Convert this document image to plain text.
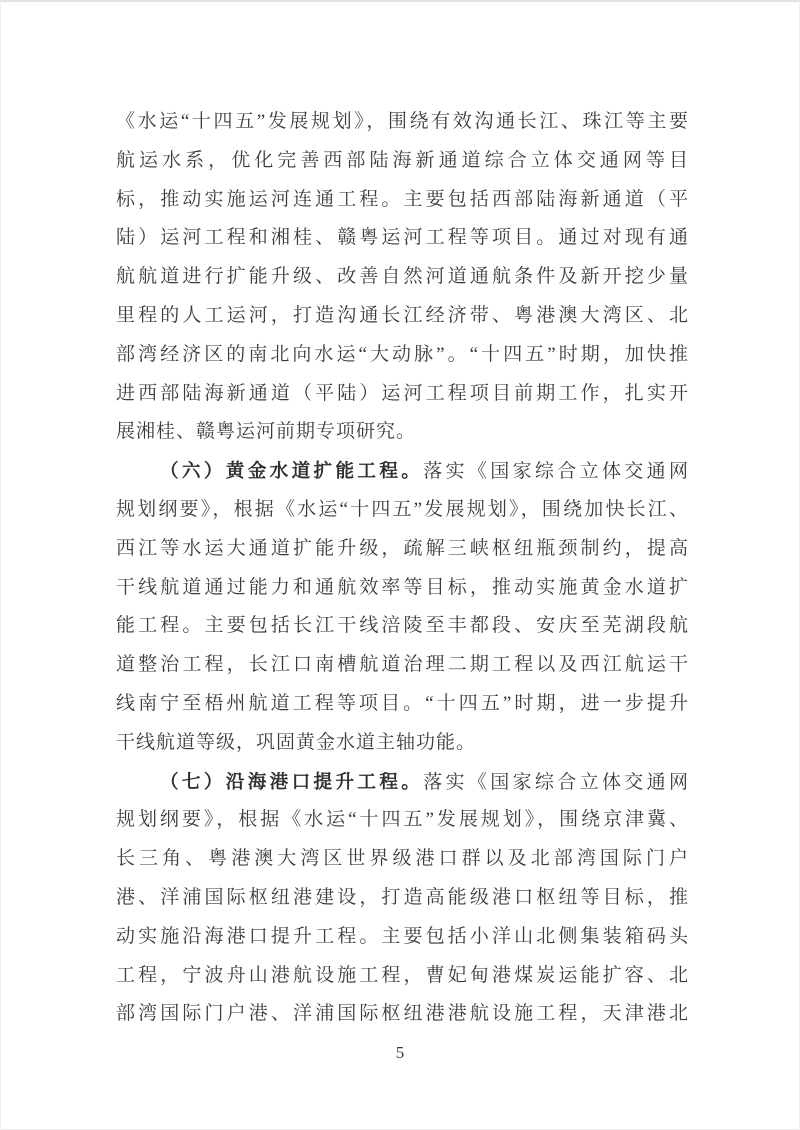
《水运“十四五”发展规划》，围绕有效沟通长江、珠江等主要
航运水系，优化完善西部陆海新通道综合立体交通网等目
标，推动实施运河连通工程。主要包括西部陆海新通道（平
陆）运河工程和湘桂、赣粤运河工程等项目。通过对现有通
航航道进行扩能升级、改善自然河道通航条件及新开挖少量
里程的人工运河，打造沟通长江经济带、粤港澳大湾区、北
部湾经济区的南北向水运“大动脉”。“十四五”时期，加快推
进西部陆海新通道（平陆）运河工程项目前期工作，扎实开
展湘桂、赣粤运河前期专项研究。
（六）黄金水道扩能工程。落实《国家综合立体交通网
规划纲要》，根据《水运“十四五”发展规划》，围绕加快长江、
西江等水运大通道扩能升级，疏解三峡枢纽瓶颈制约，提高
干线航道通过能力和通航效率等目标，推动实施黄金水道扩
能工程。主要包括长江干线涪陵至丰都段、安庆至芜湖段航
道整治工程，长江口南槽航道治理二期工程以及西江航运干
线南宁至梧州航道工程等项目。“十四五”时期，进一步提升
干线航道等级，巩固黄金水道主轴功能。
（七）沿海港口提升工程。落实《国家综合立体交通网
规划纲要》，根据《水运“十四五”发展规划》，围绕京津冀、
长三角、粤港澳大湾区世界级港口群以及北部湾国际门户
港、洋浦国际枢纽港建设，打造高能级港口枢纽等目标，推
动实施沿海港口提升工程。主要包括小洋山北侧集装箱码头
工程，宁波舟山港航设施工程，曹妃甸港煤炭运能扩容、北
部湾国际门户港、洋浦国际枢纽港港航设施工程，天津港北
5
